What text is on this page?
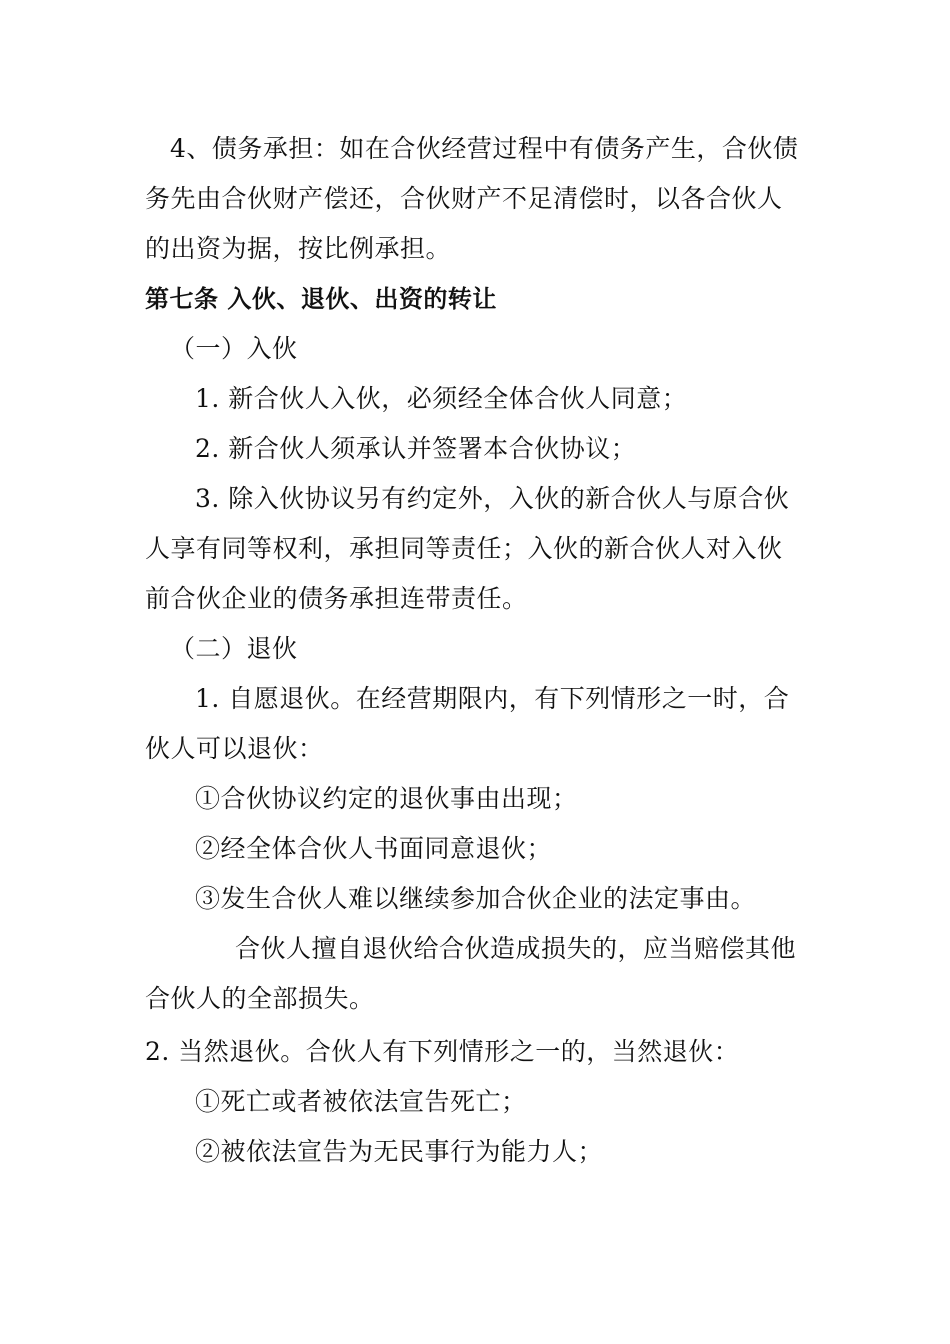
4、债务承担：如在合伙经营过程中有债务产生，合伙债
务先由合伙财产偿还，合伙财产不足清偿时，以各合伙人
的出资为据，按比例承担。
第七条 入伙、退伙、出资的转让
（一）入伙
1. 新合伙人入伙，必须经全体合伙人同意；
2. 新合伙人须承认并签署本合伙协议；
3. 除入伙协议另有约定外，入伙的新合伙人与原合伙
人享有同等权利，承担同等责任；入伙的新合伙人对入伙
前合伙企业的债务承担连带责任。
（二）退伙
1. 自愿退伙。在经营期限内，有下列情形之一时，合
伙人可以退伙：
①合伙协议约定的退伙事由出现；
②经全体合伙人书面同意退伙；
③发生合伙人难以继续参加合伙企业的法定事由。
合伙人擅自退伙给合伙造成损失的，应当赔偿其他
合伙人的全部损失。
2. 当然退伙。合伙人有下列情形之一的，当然退伙：
①死亡或者被依法宣告死亡；
②被依法宣告为无民事行为能力人；
